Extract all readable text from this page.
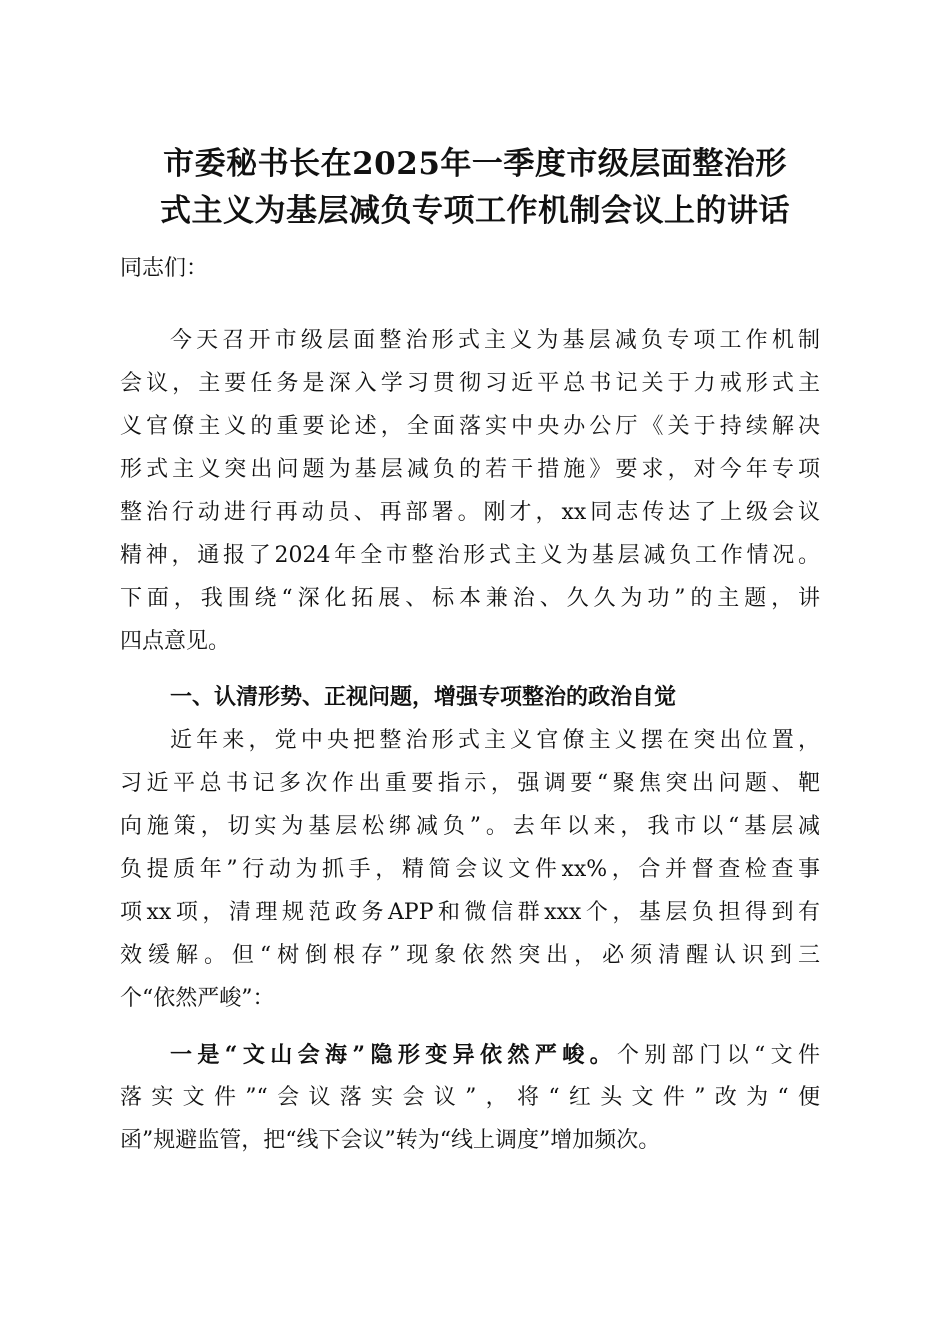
市委秘书长在2025年一季度市级层面整治形
式主义为基层减负专项工作机制会议上的讲话
同志们：
今天召开市级层面整治形式主义为基层减负专项工作机制
会议，主要任务是深入学习贯彻习近平总书记关于力戒形式主
义官僚主义的重要论述，全面落实中央办公厅《关于持续解决
形式主义突出问题为基层减负的若干措施》要求，对今年专项
整治行动进行再动员、再部署。刚才，xx同志传达了上级会议
精神，通报了2024年全市整治形式主义为基层减负工作情况。
下面，我围绕“深化拓展、标本兼治、久久为功”的主题，讲
四点意见。
一、认清形势、正视问题，增强专项整治的政治自觉
近年来，党中央把整治形式主义官僚主义摆在突出位置，
习近平总书记多次作出重要指示，强调要“聚焦突出问题、靶
向施策，切实为基层松绑减负”。去年以来，我市以“基层减
负提质年”行动为抓手，精简会议文件xx%，合并督查检查事
项xx项，清理规范政务APP和微信群xxx个，基层负担得到有
效缓解。但“树倒根存”现象依然突出，必须清醒认识到三
个“依然严峻”：
一是“文山会海”隐形变异依然严峻。个别部门以“文件
落实文件”“会议落实会议”，将“红头文件”改为“便
函”规避监管，把“线下会议”转为“线上调度”增加频次。
